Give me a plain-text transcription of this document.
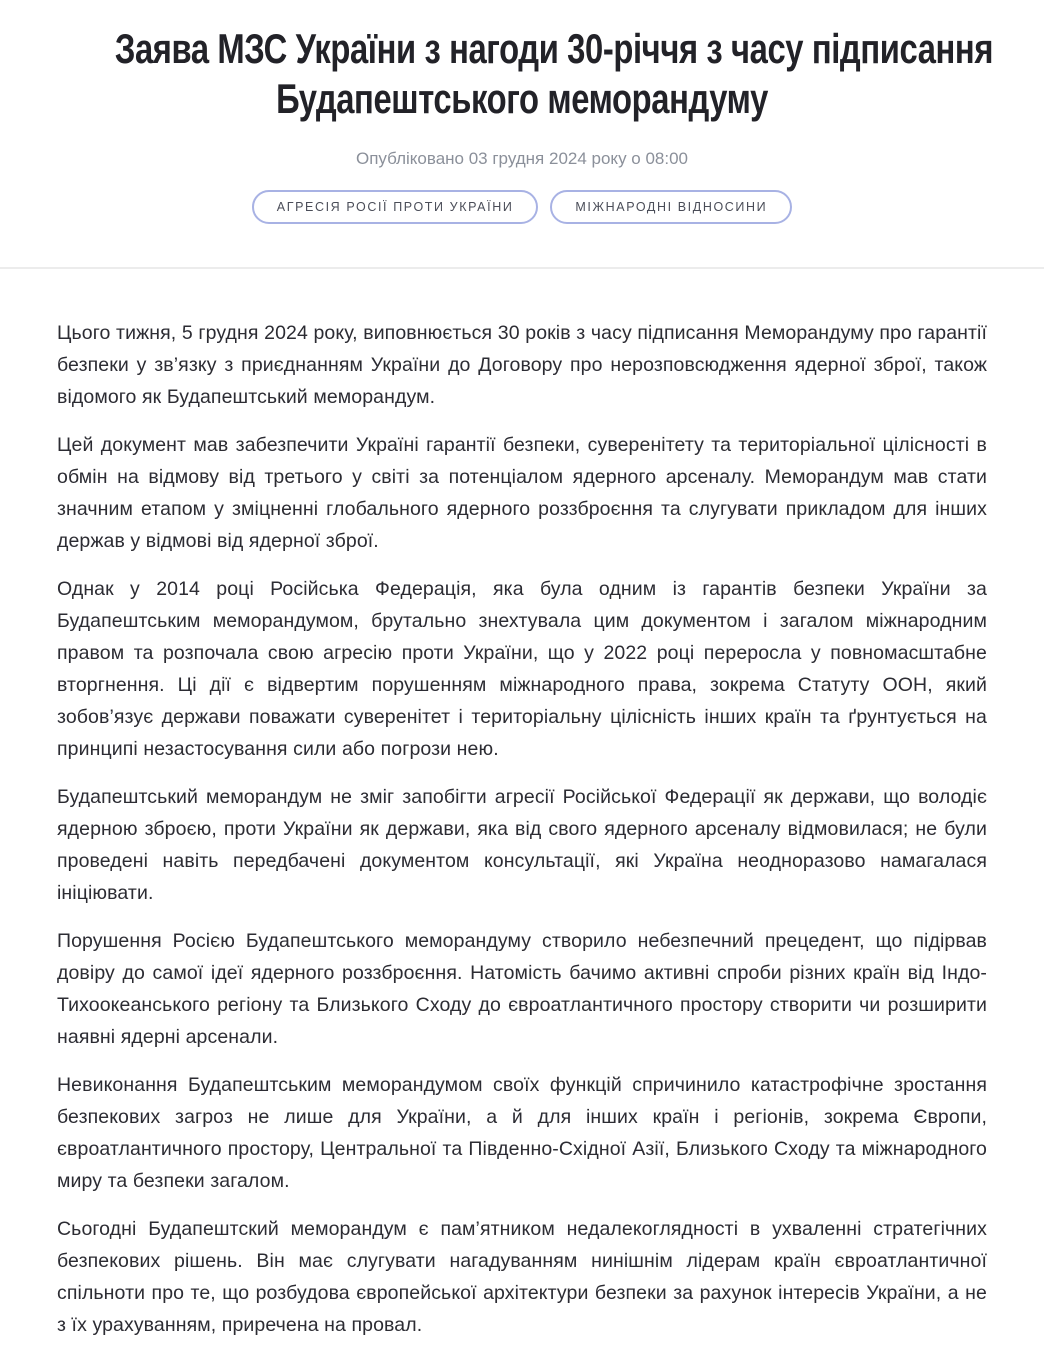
Заява МЗС України з нагоди 30-річчя з часу підписання
Будапештського меморандуму
Опубліковано 03 грудня 2024 року о 08:00
АГРЕСІЯ РОСІЇ ПРОТИ УКРАЇНИ	МІЖНАРОДНІ ВІДНОСИНИ

Цього тижня, 5 грудня 2024 року, виповнюється 30 років з часу підписання Меморандуму про гарантії безпеки у зв’язку з приєднанням України до Договору про нерозповсюдження ядерної зброї, також відомого як Будапештський меморандум.

Цей документ мав забезпечити Україні гарантії безпеки, суверенітету та територіальної цілісності в обмін на відмову від третього у світі за потенціалом ядерного арсеналу. Меморандум мав стати значним етапом у зміцненні глобального ядерного роззброєння та слугувати прикладом для інших держав у відмові від ядерної зброї.

Однак у 2014 році Російська Федерація, яка була одним із гарантів безпеки України за Будапештським меморандумом, брутально знехтувала цим документом і загалом міжнародним правом та розпочала свою агресію проти України, що у 2022 році переросла у повномасштабне вторгнення. Ці дії є відвертим порушенням міжнародного права, зокрема Статуту ООН, який зобов’язує держави поважати суверенітет і територіальну цілісність інших країн та ґрунтується на принципі незастосування сили або погрози нею.

Будапештський меморандум не зміг запобігти агресії Російської Федерації як держави, що володіє ядерною зброєю, проти України як держави, яка від свого ядерного арсеналу відмовилася; не були проведені навіть передбачені документом консультації, які Україна неодноразово намагалася ініціювати.

Порушення Росією Будапештського меморандуму створило небезпечний прецедент, що підірвав довіру до самої ідеї ядерного роззброєння. Натомість бачимо активні спроби різних країн від Індо-Тихоокеанського регіону та Близького Сходу до євроатлантичного простору створити чи розширити наявні ядерні арсенали.

Невиконання Будапештським меморандумом своїх функцій спричинило катастрофічне зростання безпекових загроз не лише для України, а й для інших країн і регіонів, зокрема Європи, євроатлантичного простору, Центральної та Південно-Східної Азії, Близького Сходу та міжнародного миру та безпеки загалом.

Сьогодні Будапештский меморандум є пам’ятником недалекоглядності в ухваленні стратегічних безпекових рішень. Він має слугувати нагадуванням нинішнім лідерам країн євроатлантичної спільноти про те, що розбудова європейської архітектури безпеки за рахунок інтересів України, а не з їх урахуванням, приречена на провал.
